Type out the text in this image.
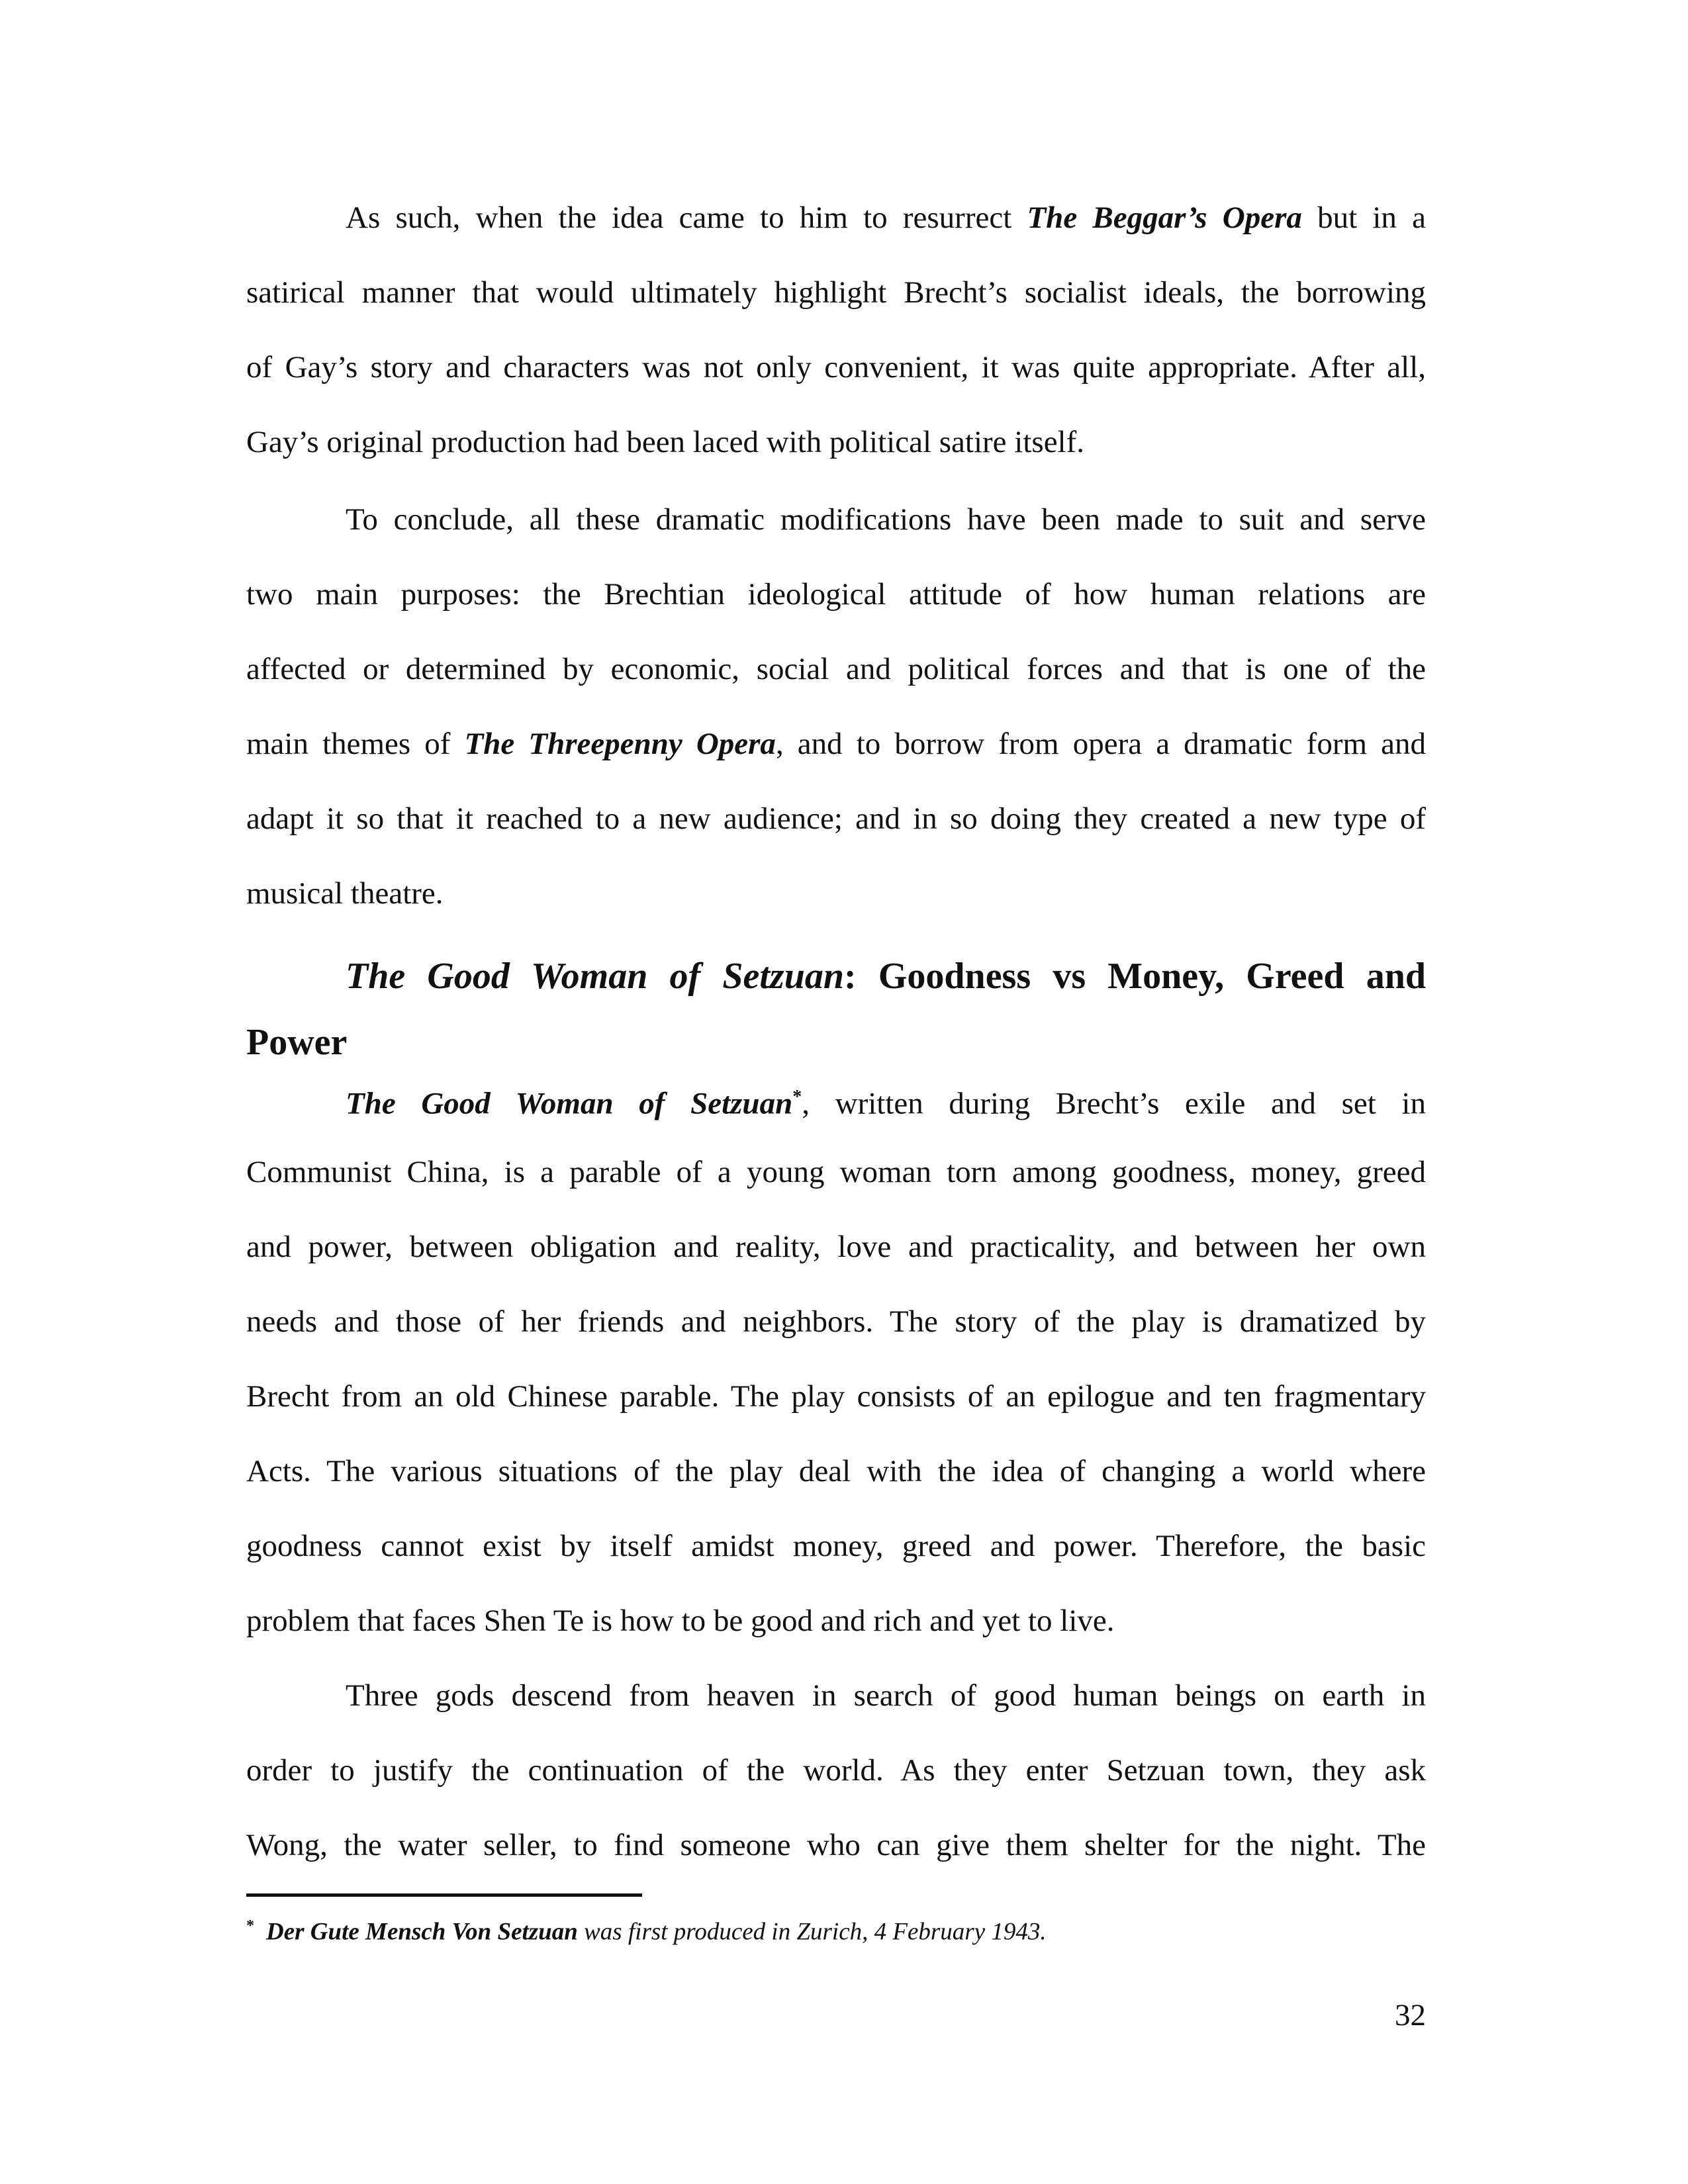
As such, when the idea came to him to resurrect The Beggar’s Opera but in a
satirical manner that would ultimately highlight Brecht’s socialist ideals, the borrowing
of Gay’s story and characters was not only convenient, it was quite appropriate. After all,
Gay’s original production had been laced with political satire itself.
To conclude, all these dramatic modifications have been made to suit and serve
two main purposes: the Brechtian ideological attitude of how human relations are
affected or determined by economic, social and political forces and that is one of the
main themes of The Threepenny Opera, and to borrow from opera a dramatic form and
adapt it so that it reached to a new audience; and in so doing they created a new type of
musical theatre.
The Good Woman of Setzuan: Goodness vs Money, Greed and
Power
The Good Woman of Setzuan*, written during Brecht’s exile and set in
Communist China, is a parable of a young woman torn among goodness, money, greed
and power, between obligation and reality, love and practicality, and between her own
needs and those of her friends and neighbors. The story of the play is dramatized by
Brecht from an old Chinese parable. The play consists of an epilogue and ten fragmentary
Acts. The various situations of the play deal with the idea of changing a world where
goodness cannot exist by itself amidst money, greed and power. Therefore, the basic
problem that faces Shen Te is how to be good and rich and yet to live.
Three gods descend from heaven in search of good human beings on earth in
order to justify the continuation of the world. As they enter Setzuan town, they ask
Wong, the water seller, to find someone who can give them shelter for the night. The
* Der Gute Mensch Von Setzuan was first produced in Zurich, 4 February 1943.
32
